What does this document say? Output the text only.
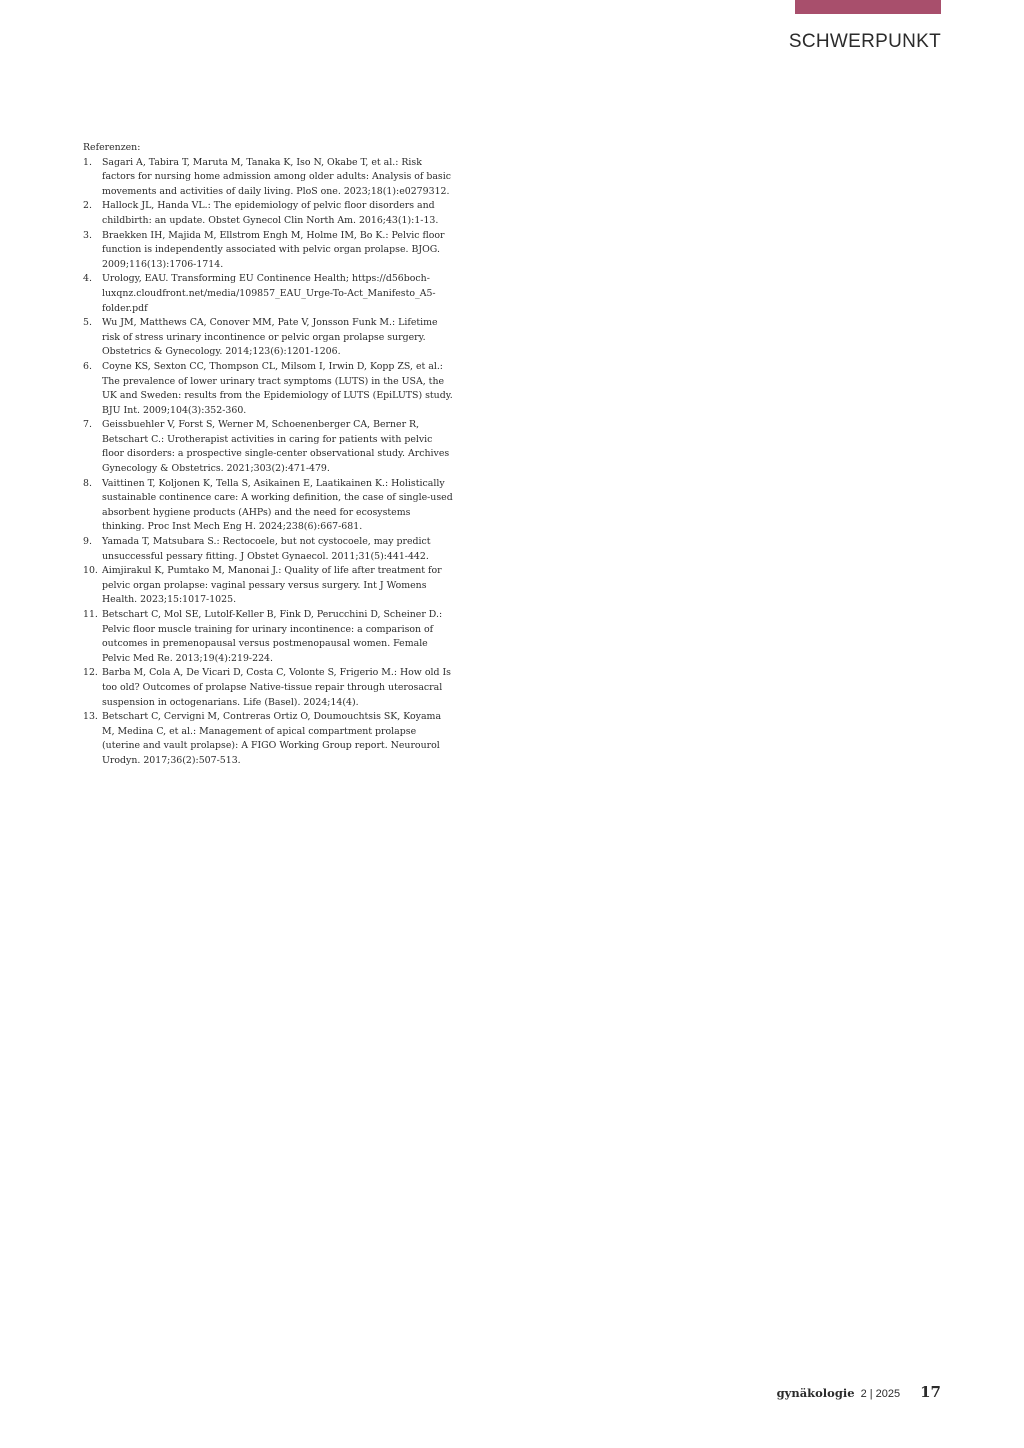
SCHWERPUNKT
Referenzen:
1.	Sagari A, Tabira T, Maruta M, Tanaka K, Iso N, Okabe T, et al.: Risk factors for nursing home admission among older adults: Analysis of basic movements and activities of daily living. PloS one. 2023;18(1):e0279312.
2.	Hallock JL, Handa VL.: The epidemiology of pelvic floor disorders and childbirth: an update. Obstet Gynecol Clin North Am. 2016;43(1):1-13.
3.	Braekken IH, Majida M, Ellstrom Engh M, Holme IM, Bo K.: Pelvic floor function is independently associated with pelvic organ prolapse. BJOG. 2009;116(13):1706-1714.
4.	Urology, EAU. Transforming EU Continence Health; https://d56boch-luxqnz.cloudfront.net/media/109857_EAU_Urge-To-Act_Manifesto_A5-folder.pdf
5.	Wu JM, Matthews CA, Conover MM, Pate V, Jonsson Funk M.: Lifetime risk of stress urinary incontinence or pelvic organ prolapse surgery. Obstetrics & Gynecology. 2014;123(6):1201-1206.
6.	Coyne KS, Sexton CC, Thompson CL, Milsom I, Irwin D, Kopp ZS, et al.: The prevalence of lower urinary tract symptoms (LUTS) in the USA, the UK and Sweden: results from the Epidemiology of LUTS (EpiLUTS) study. BJU Int. 2009;104(3):352-360.
7.	Geissbuehler V, Forst S, Werner M, Schoenenberger CA, Berner R, Betschart C.: Urotherapist activities in caring for patients with pelvic floor disorders: a prospective single-center observational study. Archives Gynecology & Obstetrics. 2021;303(2):471-479.
8.	Vaittinen T, Koljonen K, Tella S, Asikainen E, Laatikainen K.: Holistically sustainable continence care: A working definition, the case of single-used absorbent hygiene products (AHPs) and the need for ecosystems thinking. Proc Inst Mech Eng H. 2024;238(6):667-681.
9.	Yamada T, Matsubara S.: Rectocoele, but not cystocoele, may predict unsuccessful pessary fitting. J Obstet Gynaecol. 2011;31(5):441-442.
10. Aimjirakul K, Pumtako M, Manonai J.: Quality of life after treatment for pelvic organ prolapse: vaginal pessary versus surgery. Int J Womens Health. 2023;15:1017-1025.
11. Betschart C, Mol SE, Lutolf-Keller B, Fink D, Perucchini D, Scheiner D.: Pelvic floor muscle training for urinary incontinence: a comparison of outcomes in premenopausal versus postmenopausal women. Female Pelvic Med Re. 2013;19(4):219-224.
12. Barba M, Cola A, De Vicari D, Costa C, Volonte S, Frigerio M.: How old Is too old? Outcomes of prolapse Native-tissue repair through uterosacral suspension in octogenarians. Life (Basel). 2024;14(4).
13. Betschart C, Cervigni M, Contreras Ortiz O, Doumouchtsis SK, Koyama M, Medina C, et al.: Management of apical compartment prolapse (uterine and vault prolapse): A FIGO Working Group report. Neurourol Urodyn. 2017;36(2):507-513.
gynäkologie 2 | 2025 17
